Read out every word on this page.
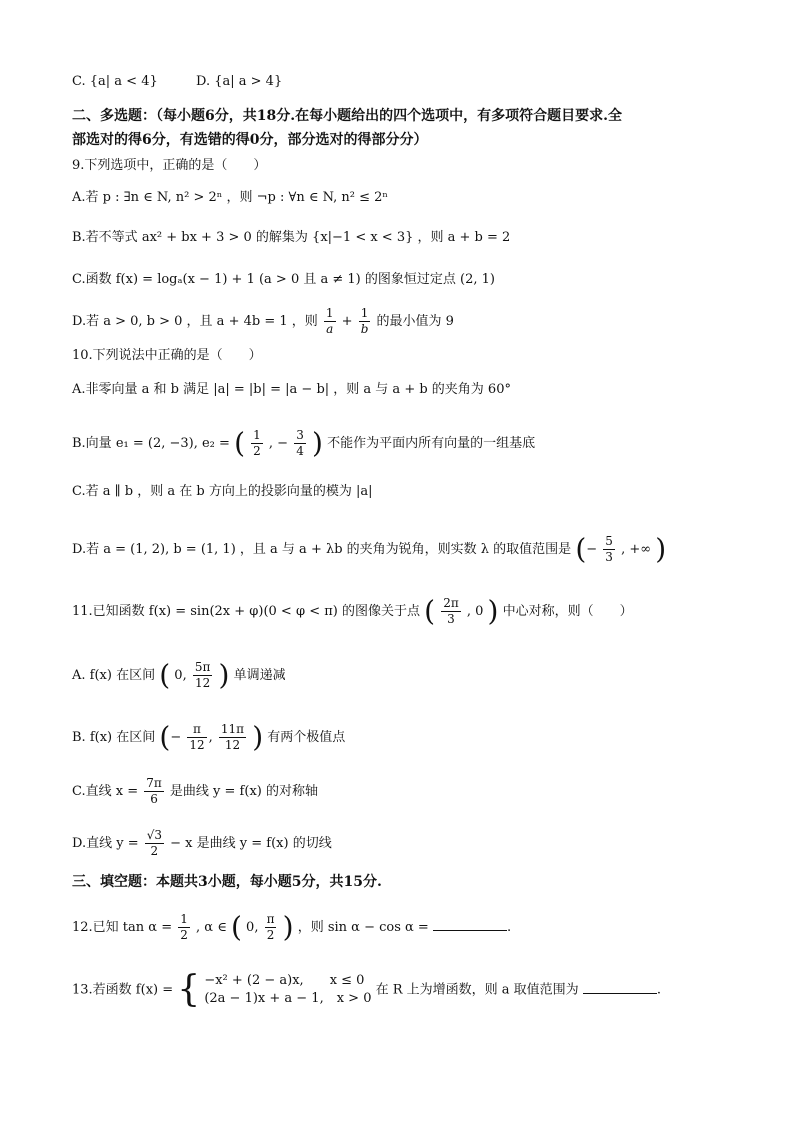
C. {a| a < 4}	D. {a| a > 4}
二、多选题：（每小题6分，共18分.在每小题给出的四个选项中，有多项符合题目要求.全
部选对的得6分，有选错的得0分，部分选对的得部分分）
9.下列选项中，正确的是（　　）
A.若 p : ∃n ∈ N, n² > 2ⁿ ，则 ¬p : ∀n ∈ N, n² ≤ 2ⁿ
B.若不等式 ax² + bx + 3 > 0 的解集为 {x|−1 < x < 3} ，则 a + b = 2
C.函数 f(x) = logₐ(x − 1) + 1 (a > 0 且 a ≠ 1) 的图象恒过定点 (2, 1)
D.若 a > 0, b > 0 ，且 a + 4b = 1 ，则 $\frac{1}{a} + \frac{1}{b}$ 的最小值为 9
10.下列说法中正确的是（　　）
A.非零向量 a 和 b 满足 |a| = |b| = |a − b| ，则 a 与 a + b 的夹角为 60°
B.向量 e₁ = (2, −3), e₂ = ( $\frac{1}{2}$ , − $\frac{3}{4}$ ) 不能作为平面内所有向量的一组基底
C.若 a ∥ b ，则 a 在 b 方向上的投影向量的模为 |a|
D.若 a = (1, 2), b = (1, 1) ，且 a 与 a + λb 的夹角为锐角，则实数 λ 的取值范围是 (− $\frac{5}{3}$ , +∞ )
11.已知函数 f(x) = sin(2x + φ)(0 < φ < π) 的图像关于点 ( $\frac{2\pi}{3}$ , 0 ) 中心对称，则（　　）
A. f(x) 在区间 ( 0, $\frac{5\pi}{12}$ ) 单调递减
B. f(x) 在区间 (− $\frac{\pi}{12}$ , $\frac{11\pi}{12}$ ) 有两个极值点
C.直线 $x = \frac{7\pi}{6}$ 是曲线 y = f(x) 的对称轴
D.直线 $y = \frac{√3}{2} - x$ 是曲线 y = f(x) 的切线
三、填空题：本题共3小题，每小题5分，共15分.
12.已知 $\tan \alpha = \frac{1}{2}$ , α ∈ ( 0, $\frac{\pi}{2}$ ) ，则 sin α − cos α =	.
13.若函数 f(x) = { −x² + (2 − a)x,　　x ≤ 0
(2a − 1)x + a − 1,　x > 0
在 R 上为增函数，则 a 取值范围为	.
